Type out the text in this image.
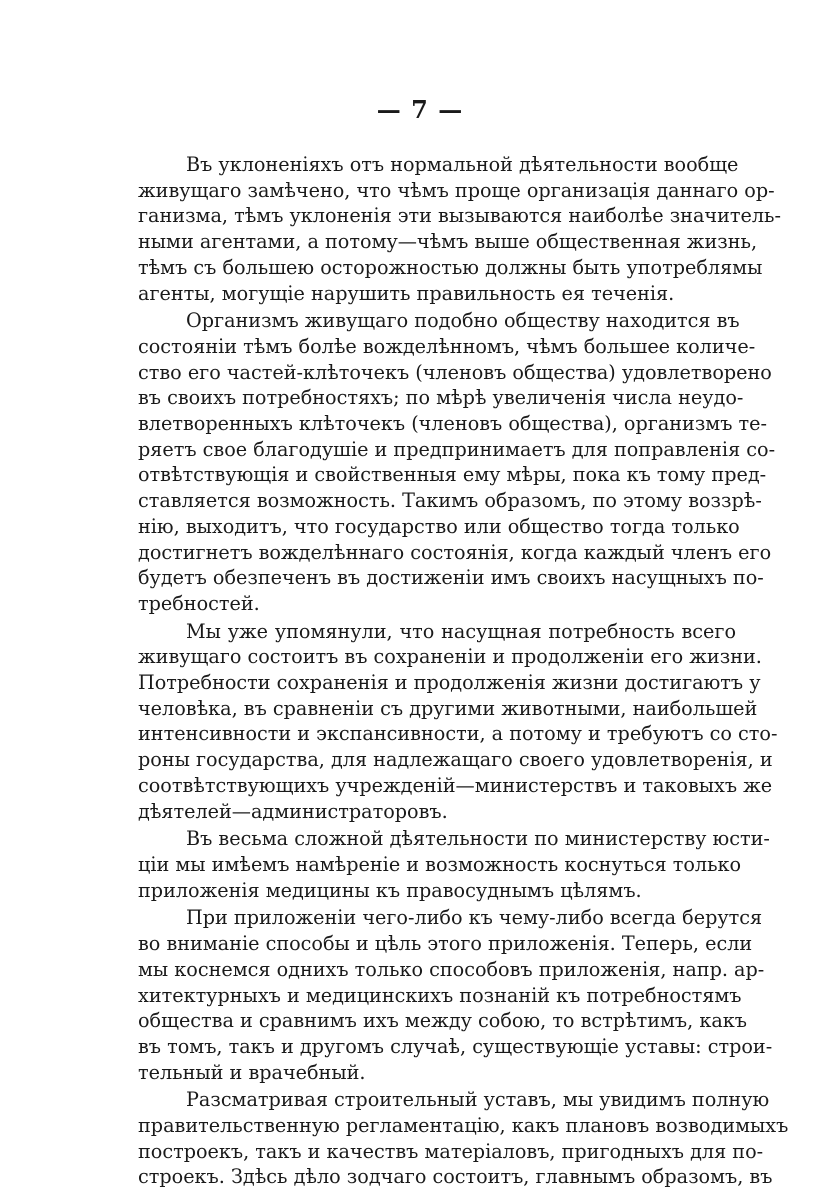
— 7 —
Въ уклоненіяхъ отъ нормальной дѣятельности вообще
живущаго замѣчено, что чѣмъ проще организація даннаго ор-
ганизма, тѣмъ уклоненія эти вызываются наиболѣе значитель-
ными агентами, а потому—чѣмъ выше общественная жизнь,
тѣмъ съ большею осторожностью должны быть употреблямы
агенты, могущіе нарушить правильность ея теченія.
Организмъ живущаго подобно обществу находится въ
состояніи тѣмъ болѣе вожделѣнномъ, чѣмъ большее количе-
ство его частей-клѣточекъ (членовъ общества) удовлетворено
въ своихъ потребностяхъ; по мѣрѣ увеличенія числа неудо-
влетворенныхъ клѣточекъ (членовъ общества), организмъ те-
ряетъ свое благодушіе и предпринимаетъ для поправленія со-
отвѣтствующія и свойственныя ему мѣры, пока къ тому пред-
ставляется возможность. Такимъ образомъ, по этому воззрѣ-
нію, выходитъ, что государство или общество тогда только
достигнетъ вожделѣннаго состоянія, когда каждый членъ его
будетъ обезпеченъ въ достиженіи имъ своихъ насущныхъ по-
требностей.
Мы уже упомянули, что насущная потребность всего
живущаго состоитъ въ сохраненіи и продолженіи его жизни.
Потребности сохраненія и продолженія жизни достигаютъ у
человѣка, въ сравненіи съ другими животными, наибольшей
интенсивности и экспансивности, а потому и требуютъ со сто-
роны государства, для надлежащаго своего удовлетворенія, и
соотвѣтствующихъ учрежденій—министерствъ и таковыхъ же
дѣятелей—администраторовъ.
Въ весьма сложной дѣятельности по министерству юсти-
ціи мы имѣемъ намѣреніе и возможность коснуться только
приложенія медицины къ правосуднымъ цѣлямъ.
При приложеніи чего-либо къ чему-либо всегда берутся
во вниманіе способы и цѣль этого приложенія. Теперь, если
мы коснемся однихъ только способовъ приложенія, напр. ар-
хитектурныхъ и медицинскихъ познаній къ потребностямъ
общества и сравнимъ ихъ между собою, то встрѣтимъ, какъ
въ томъ, такъ и другомъ случаѣ, существующіе уставы: строи-
тельный и врачебный.
Разсматривая строительный уставъ, мы увидимъ полную
правительственную регламентацію, какъ плановъ возводимыхъ
построекъ, такъ и качествъ матеріаловъ, пригодныхъ для по-
строекъ. Здѣсь дѣло зодчаго состоитъ, главнымъ образомъ, въ
